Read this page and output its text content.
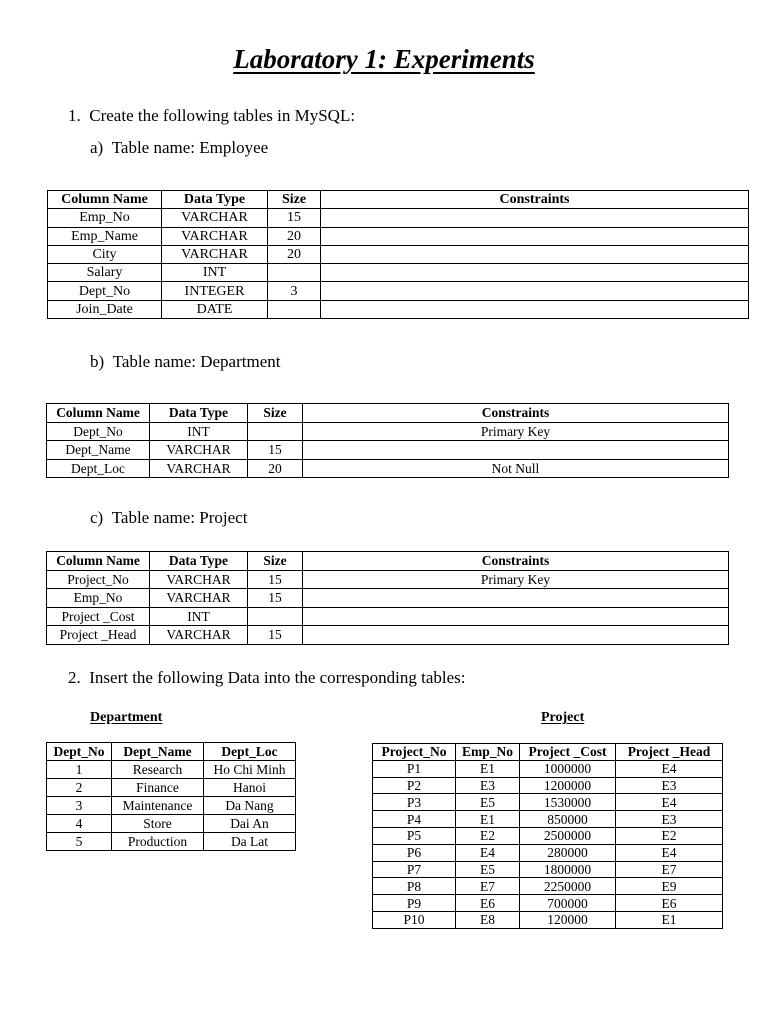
Laboratory 1: Experiments
1. Create the following tables in MySQL:
a) Table name: Employee
Column Name	Data Type	Size	Constraints
Emp_No	VARCHAR	15	
Emp_Name	VARCHAR	20	
City	VARCHAR	20	
Salary	INT		
Dept_No	INTEGER	3	
Join_Date	DATE		
b) Table name: Department
Column Name	Data Type	Size	Constraints
Dept_No	INT		Primary Key
Dept_Name	VARCHAR	15	
Dept_Loc	VARCHAR	20	Not Null
c) Table name: Project
Column Name	Data Type	Size	Constraints
Project_No	VARCHAR	15	Primary Key
Emp_No	VARCHAR	15	
Project _Cost	INT		
Project _Head	VARCHAR	15	
2. Insert the following Data into the corresponding tables:
Department	Project
Dept_No	Dept_Name	Dept_Loc
1	Research	Ho Chi Minh
2	Finance	Hanoi
3	Maintenance	Da Nang
4	Store	Dai An
5	Production	Da Lat
Project_No	Emp_No	Project _Cost	Project _Head
P1	E1	1000000	E4
P2	E3	1200000	E3
P3	E5	1530000	E4
P4	E1	850000	E3
P5	E2	2500000	E2
P6	E4	280000	E4
P7	E5	1800000	E7
P8	E7	2250000	E9
P9	E6	700000	E6
P10	E8	120000	E1
